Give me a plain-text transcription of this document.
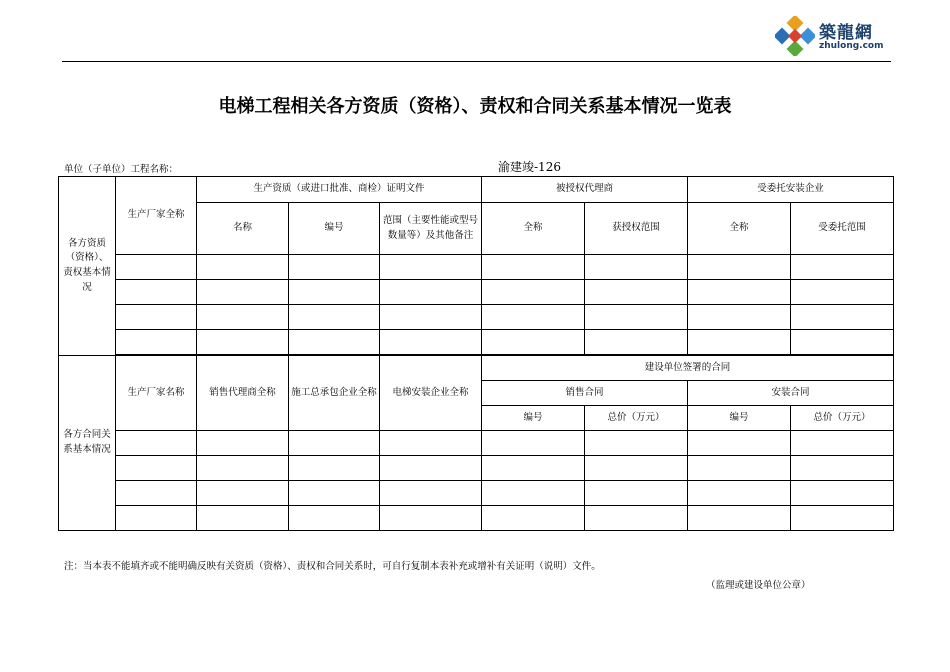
築龍網
zhulong.com
电梯工程相关各方资质（资格）、责权和合同关系基本情况一览表
单位（子单位）工程名称：	渝建竣-126
各方资质（资格）、责权基本情况	生产厂家全称	生产资质（或进口批准、商检）证明文件			被授权代理商		受委托安装企业	
		名称	编号	范围（主要性能或型号数量等）及其他备注	全称	获授权范围	全称	受委托范围

各方合同关系基本情况	生产厂家名称	销售代理商全称	施工总承包企业全称	电梯安装企业全称	建设单位签署的合同			
					销售合同		安装合同	
					编号	总价（万元）	编号	总价（万元）

注：当本表不能填齐或不能明确反映有关资质（资格）、责权和合同关系时，可自行复制本表补充或增补有关证明（说明）文件。
（监理或建设单位公章）
